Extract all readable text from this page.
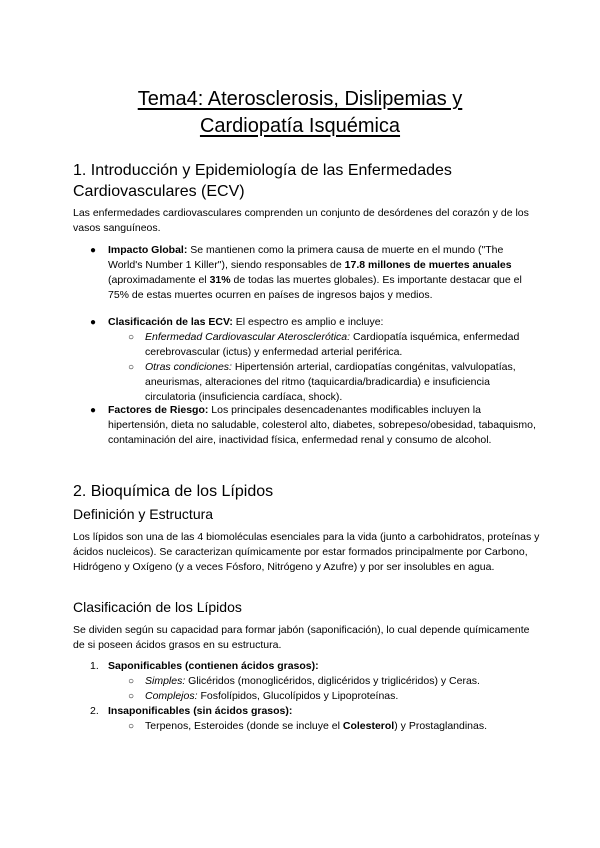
Tema4: Aterosclerosis, Dislipemias y
Cardiopatía Isquémica
1. Introducción y Epidemiología de las Enfermedades
Cardiovasculares (ECV)
Las enfermedades cardiovasculares comprenden un conjunto de desórdenes del corazón y de los vasos sanguíneos.
● Impacto Global: Se mantienen como la primera causa de muerte en el mundo ("The World's Number 1 Killer"), siendo responsables de 17.8 millones de muertes anuales (aproximadamente el 31% de todas las muertes globales). Es importante destacar que el 75% de estas muertes ocurren en países de ingresos bajos y medios.
● Clasificación de las ECV: El espectro es amplio e incluye:
○ Enfermedad Cardiovascular Aterosclerótica: Cardiopatía isquémica, enfermedad cerebrovascular (ictus) y enfermedad arterial periférica.
○ Otras condiciones: Hipertensión arterial, cardiopatías congénitas, valvulopatías, aneurismas, alteraciones del ritmo (taquicardia/bradicardia) e insuficiencia circulatoria (insuficiencia cardíaca, shock).
● Factores de Riesgo: Los principales desencadenantes modificables incluyen la hipertensión, dieta no saludable, colesterol alto, diabetes, sobrepeso/obesidad, tabaquismo, contaminación del aire, inactividad física, enfermedad renal y consumo de alcohol.
2. Bioquímica de los Lípidos
Definición y Estructura
Los lípidos son una de las 4 biomoléculas esenciales para la vida (junto a carbohidratos, proteínas y ácidos nucleicos). Se caracterizan químicamente por estar formados principalmente por Carbono, Hidrógeno y Oxígeno (y a veces Fósforo, Nitrógeno y Azufre) y por ser insolubles en agua.
Clasificación de los Lípidos
Se dividen según su capacidad para formar jabón (saponificación), lo cual depende químicamente de si poseen ácidos grasos en su estructura.
1. Saponificables (contienen ácidos grasos):
○ Simples: Glicéridos (monoglicéridos, diglicéridos y triglicéridos) y Ceras.
○ Complejos: Fosfolípidos, Glucolípidos y Lipoproteínas.
2. Insaponificables (sin ácidos grasos):
○ Terpenos, Esteroides (donde se incluye el Colesterol) y Prostaglandinas.
